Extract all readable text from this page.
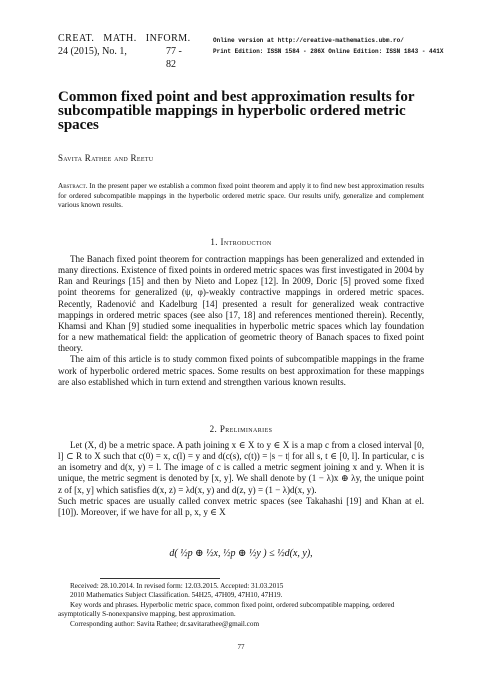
CREAT.   MATH.   INFORM.
24 (2015), No. 1,	77 - 82
Online version at http://creative-mathematics.ubm.ro/
Print Edition: ISSN 1584 - 286X Online Edition: ISSN 1843 - 441X
Common fixed point and best approximation results for subcompatible mappings in hyperbolic ordered metric spaces
Savita Rathee and Reetu
Abstract. In the present paper we establish a common fixed point theorem and apply it to find new best approximation results for ordered subcompatible mappings in the hyperbolic ordered metric space. Our results unify, generalize and complement various known results.
1. Introduction

The Banach fixed point theorem for contraction mappings has been generalized and extended in many directions. Existence of fixed points in ordered metric spaces was first investigated in 2004 by Ran and Reurings [15] and then by Nieto and Lopez [12]. In 2009, Doric [5] proved some fixed point theorems for generalized (ψ, φ)-weakly contractive mappings in ordered metric spaces. Recently, Radenović and Kadelburg [14] presented a result for generalized weak contractive mappings in ordered metric spaces (see also [17, 18] and references mentioned therein). Recently, Khamsi and Khan [9] studied some inequalities in hyperbolic metric spaces which lay foundation for a new mathematical field: the application of geometric theory of Banach spaces to fixed point theory.

The aim of this article is to study common fixed points of subcompatible mappings in the frame work of hyperbolic ordered metric spaces. Some results on best approximation for these mappings are also established which in turn extend and strengthen various known results.

2. Preliminaries

Let (X, d) be a metric space. A path joining x ∈ X to y ∈ X is a map c from a closed interval [0, l] ⊂ R to X such that c(0) = x, c(l) = y and d(c(s), c(t)) = |s − t| for all s, t ∈ [0, l]. In particular, c is an isometry and d(x, y) = l. The image of c is called a metric segment joining x and y. When it is unique, the metric segment is denoted by [x, y]. We shall denote by (1 − λ)x ⊕ λy, the unique point z of [x, y] which satisfies d(x, z) = λd(x, y) and d(z, y) = (1 − λ)d(x, y).

Such metric spaces are usually called convex metric spaces (see Takahashi [19] and Khan at el. [10]). Moreover, if we have for all p, x, y ∈ X

d( ½p ⊕ ½x, ½p ⊕ ½y ) ≤ ½d(x, y),
Received: 28.10.2014. In revised form: 12.03.2015. Accepted: 31.03.2015
2010 Mathematics Subject Classification. 54H25, 47H09, 47H10, 47H19.
Key words and phrases. Hyperbolic metric space, common fixed point, ordered subcompatible mapping, ordered asymptotically S-nonexpansive mapping, best approximation.
Corresponding author: Savita Rathee; dr.savitarathee@gmail.com
77
